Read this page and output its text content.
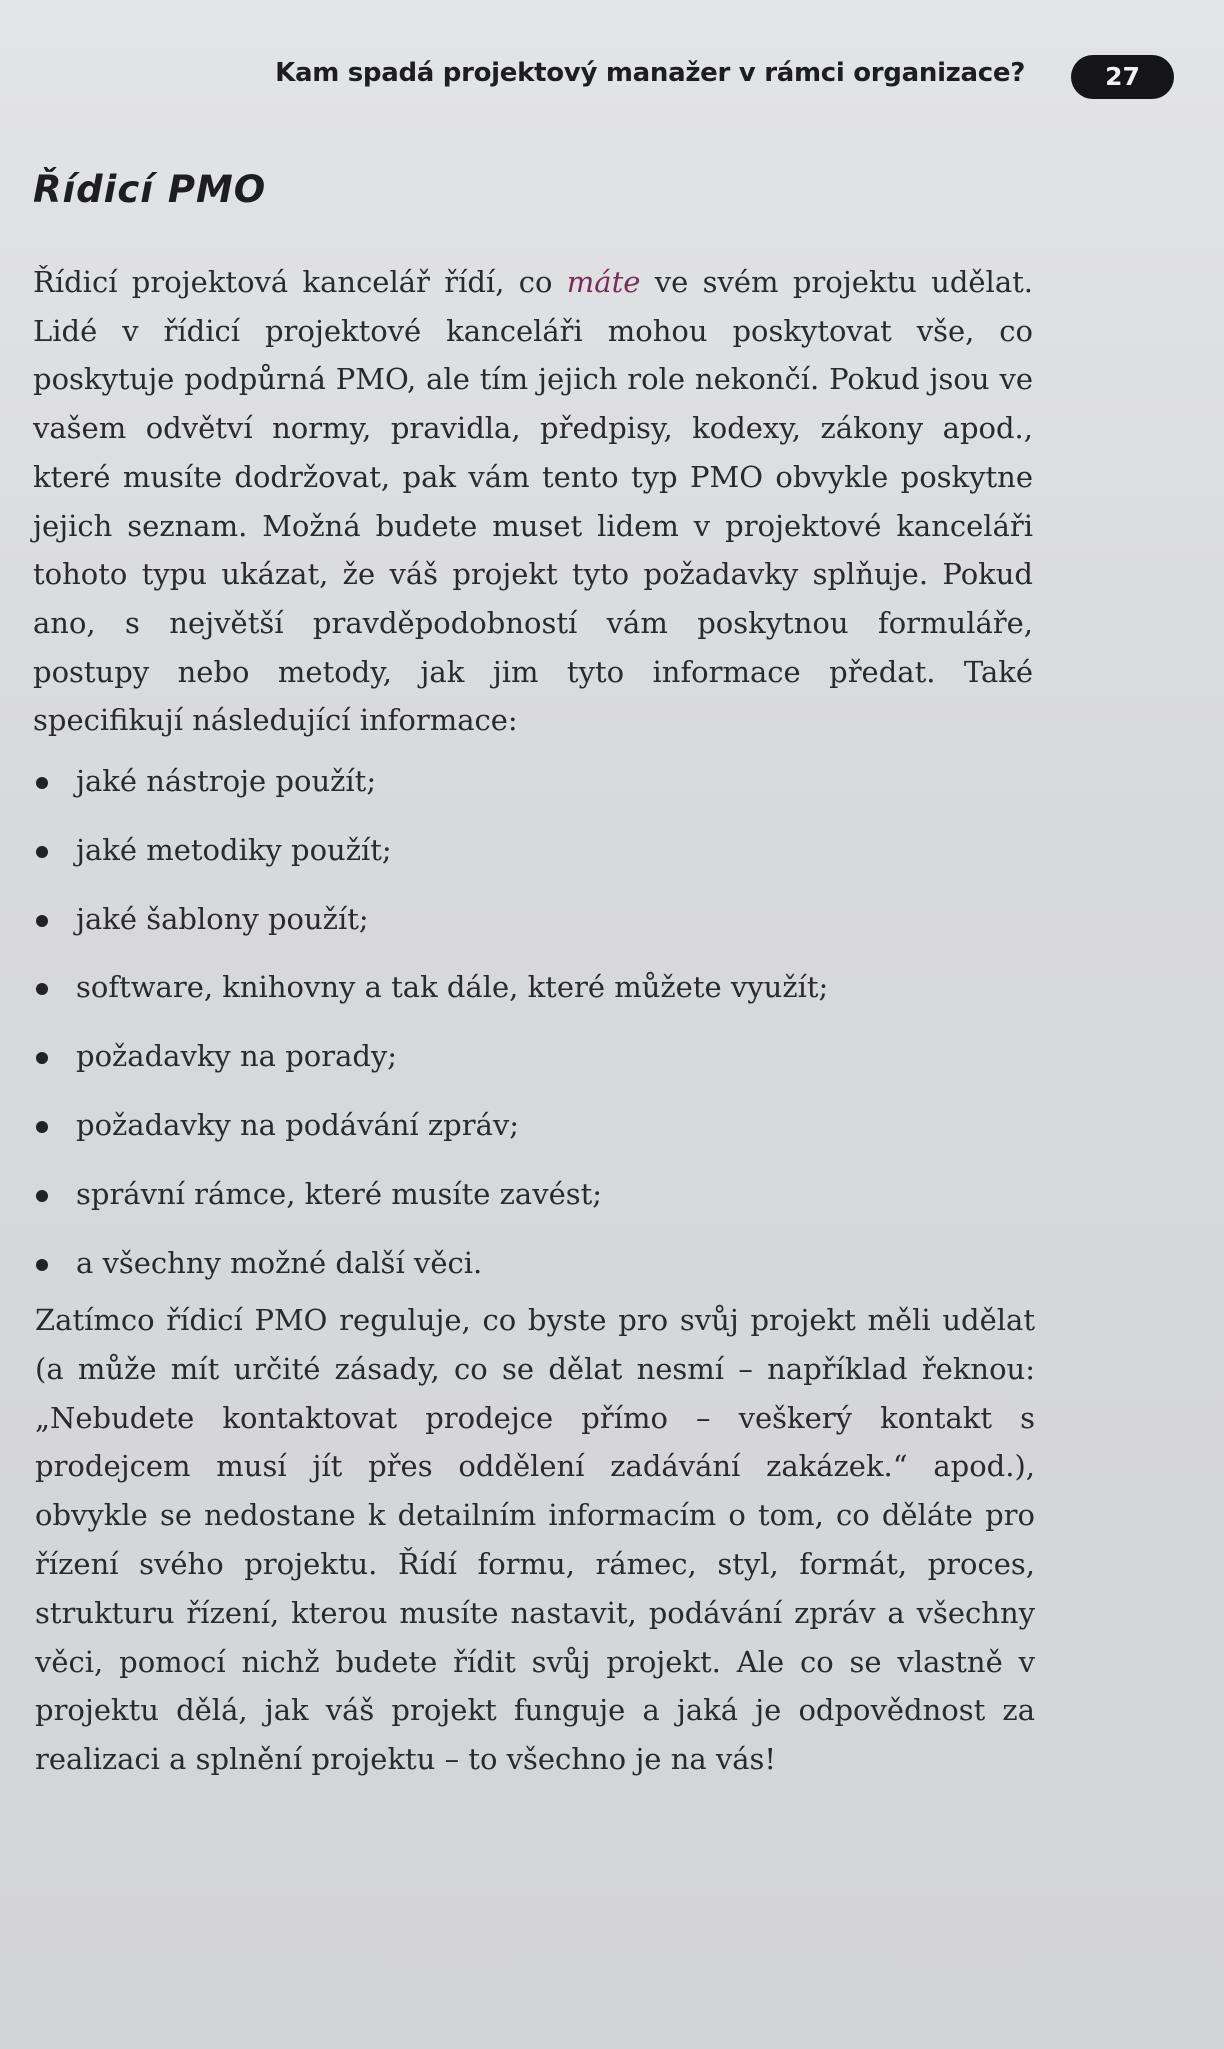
Kam spadá projektový manažer v rámci organizace?	27
Řídicí PMO
Řídicí projektová kancelář řídí, co máte ve svém projektu udělat. Lidé v řídicí projektové kanceláři mohou poskytovat vše, co poskytuje podpůrná PMO, ale tím jejich role nekončí. Pokud jsou ve vašem odvětví normy, pravidla, předpisy, kodexy, zákony apod., které musíte dodržovat, pak vám tento typ PMO obvykle poskytne jejich seznam. Možná budete muset lidem v projektové kanceláři tohoto typu ukázat, že váš projekt tyto požadavky splňuje. Pokud ano, s největší pravděpodobností vám poskytnou formuláře, postupy nebo metody, jak jim tyto informace předat. Také specifikují následující informace:
jaké nástroje použít;
jaké metodiky použít;
jaké šablony použít;
software, knihovny a tak dále, které můžete využít;
požadavky na porady;
požadavky na podávání zpráv;
správní rámce, které musíte zavést;
a všechny možné další věci.
Zatímco řídicí PMO reguluje, co byste pro svůj projekt měli udělat (a může mít určité zásady, co se dělat nesmí – například řeknou: „Nebudete kontaktovat prodejce přímo – veškerý kontakt s prodejcem musí jít přes oddělení zadávání zakázek.“ apod.), obvykle se nedostane k detailním informacím o tom, co děláte pro řízení svého projektu. Řídí formu, rámec, styl, formát, proces, strukturu řízení, kterou musíte nastavit, podávání zpráv a všechny věci, pomocí nichž budete řídit svůj projekt. Ale co se vlastně v projektu dělá, jak váš projekt funguje a jaká je odpovědnost za realizaci a splnění projektu – to všechno je na vás!
